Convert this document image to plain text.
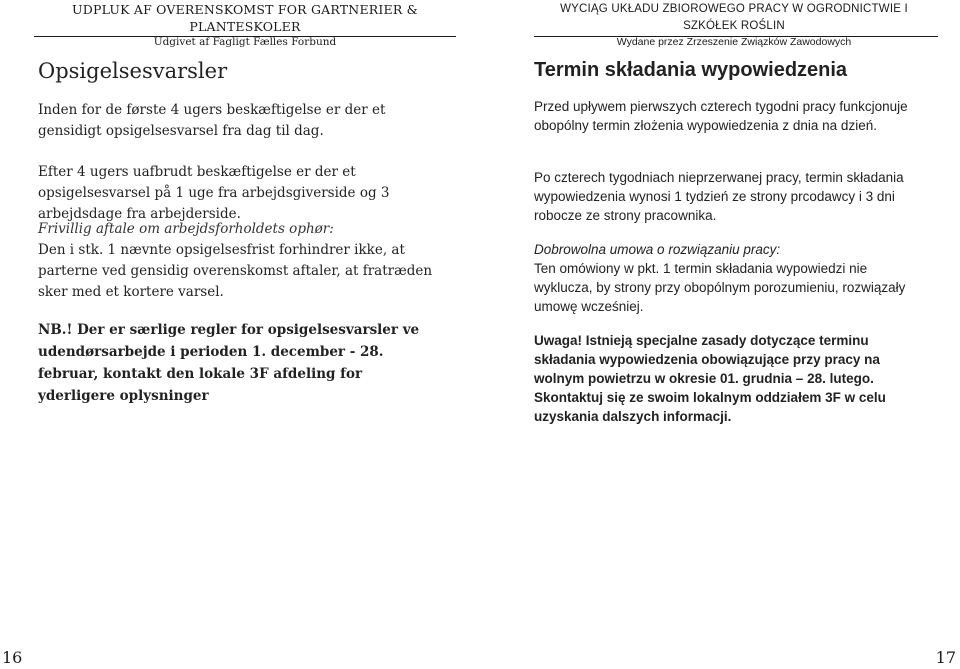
UDPLUK AF OVERENSKOMST FOR GARTNERIER & PLANTESKOLER
Udgivet af Fagligt Fælles Forbund
Opsigelsesvarsler

Inden for de første 4 ugers beskæftigelse er der et gensidigt opsigelsesvarsel fra dag til dag.

Efter 4 ugers uafbrudt beskæftigelse er der et opsigelsesvarsel på 1 uge fra arbejdsgiverside og 3 arbejdsdage fra arbejderside.

Frivillig aftale om arbejdsforholdets ophør:

Den i stk. 1 nævnte opsigelsesfrist forhindrer ikke, at parterne ved gensidig overenskomst aftaler, at fratræden sker med et kortere varsel.

NB.! Der er særlige regler for opsigelsesvarsler ve udendørsarbejde i perioden 1. december - 28. februar, kontakt den lokale 3F afdeling for yderligere oplysninger

16
WYCIĄG UKŁADU ZBIOROWEGO PRACY W OGRODNICTWIE I SZKÓŁEK ROŚLIN
Wydane przez Zrzeszenie Związków Zawodowych
Termin składania wypowiedzenia

Przed upływem pierwszych czterech tygodni pracy funkcjonuje obopólny termin złożenia wypowiedzenia z dnia na dzień.

Po czterech tygodniach nieprzerwanej pracy, termin składania wypowiedzenia wynosi 1 tydzień ze strony prcodawcy i 3 dni robocze ze strony pracownika.

Dobrowolna umowa o rozwiązaniu pracy:

Ten omówiony w pkt. 1 termin składania wypowiedzi nie wyklucza, by strony przy obopólnym porozumieniu, rozwiązały umowę wcześniej.

Uwaga! Istnieją specjalne zasady dotyczące terminu składania wypowiedzenia obowiązujące przy pracy na wolnym powietrzu w okresie 01. grudnia – 28. lutego. Skontaktuj się ze swoim lokalnym oddziałem 3F w celu uzyskania dalszych informacji.

17
